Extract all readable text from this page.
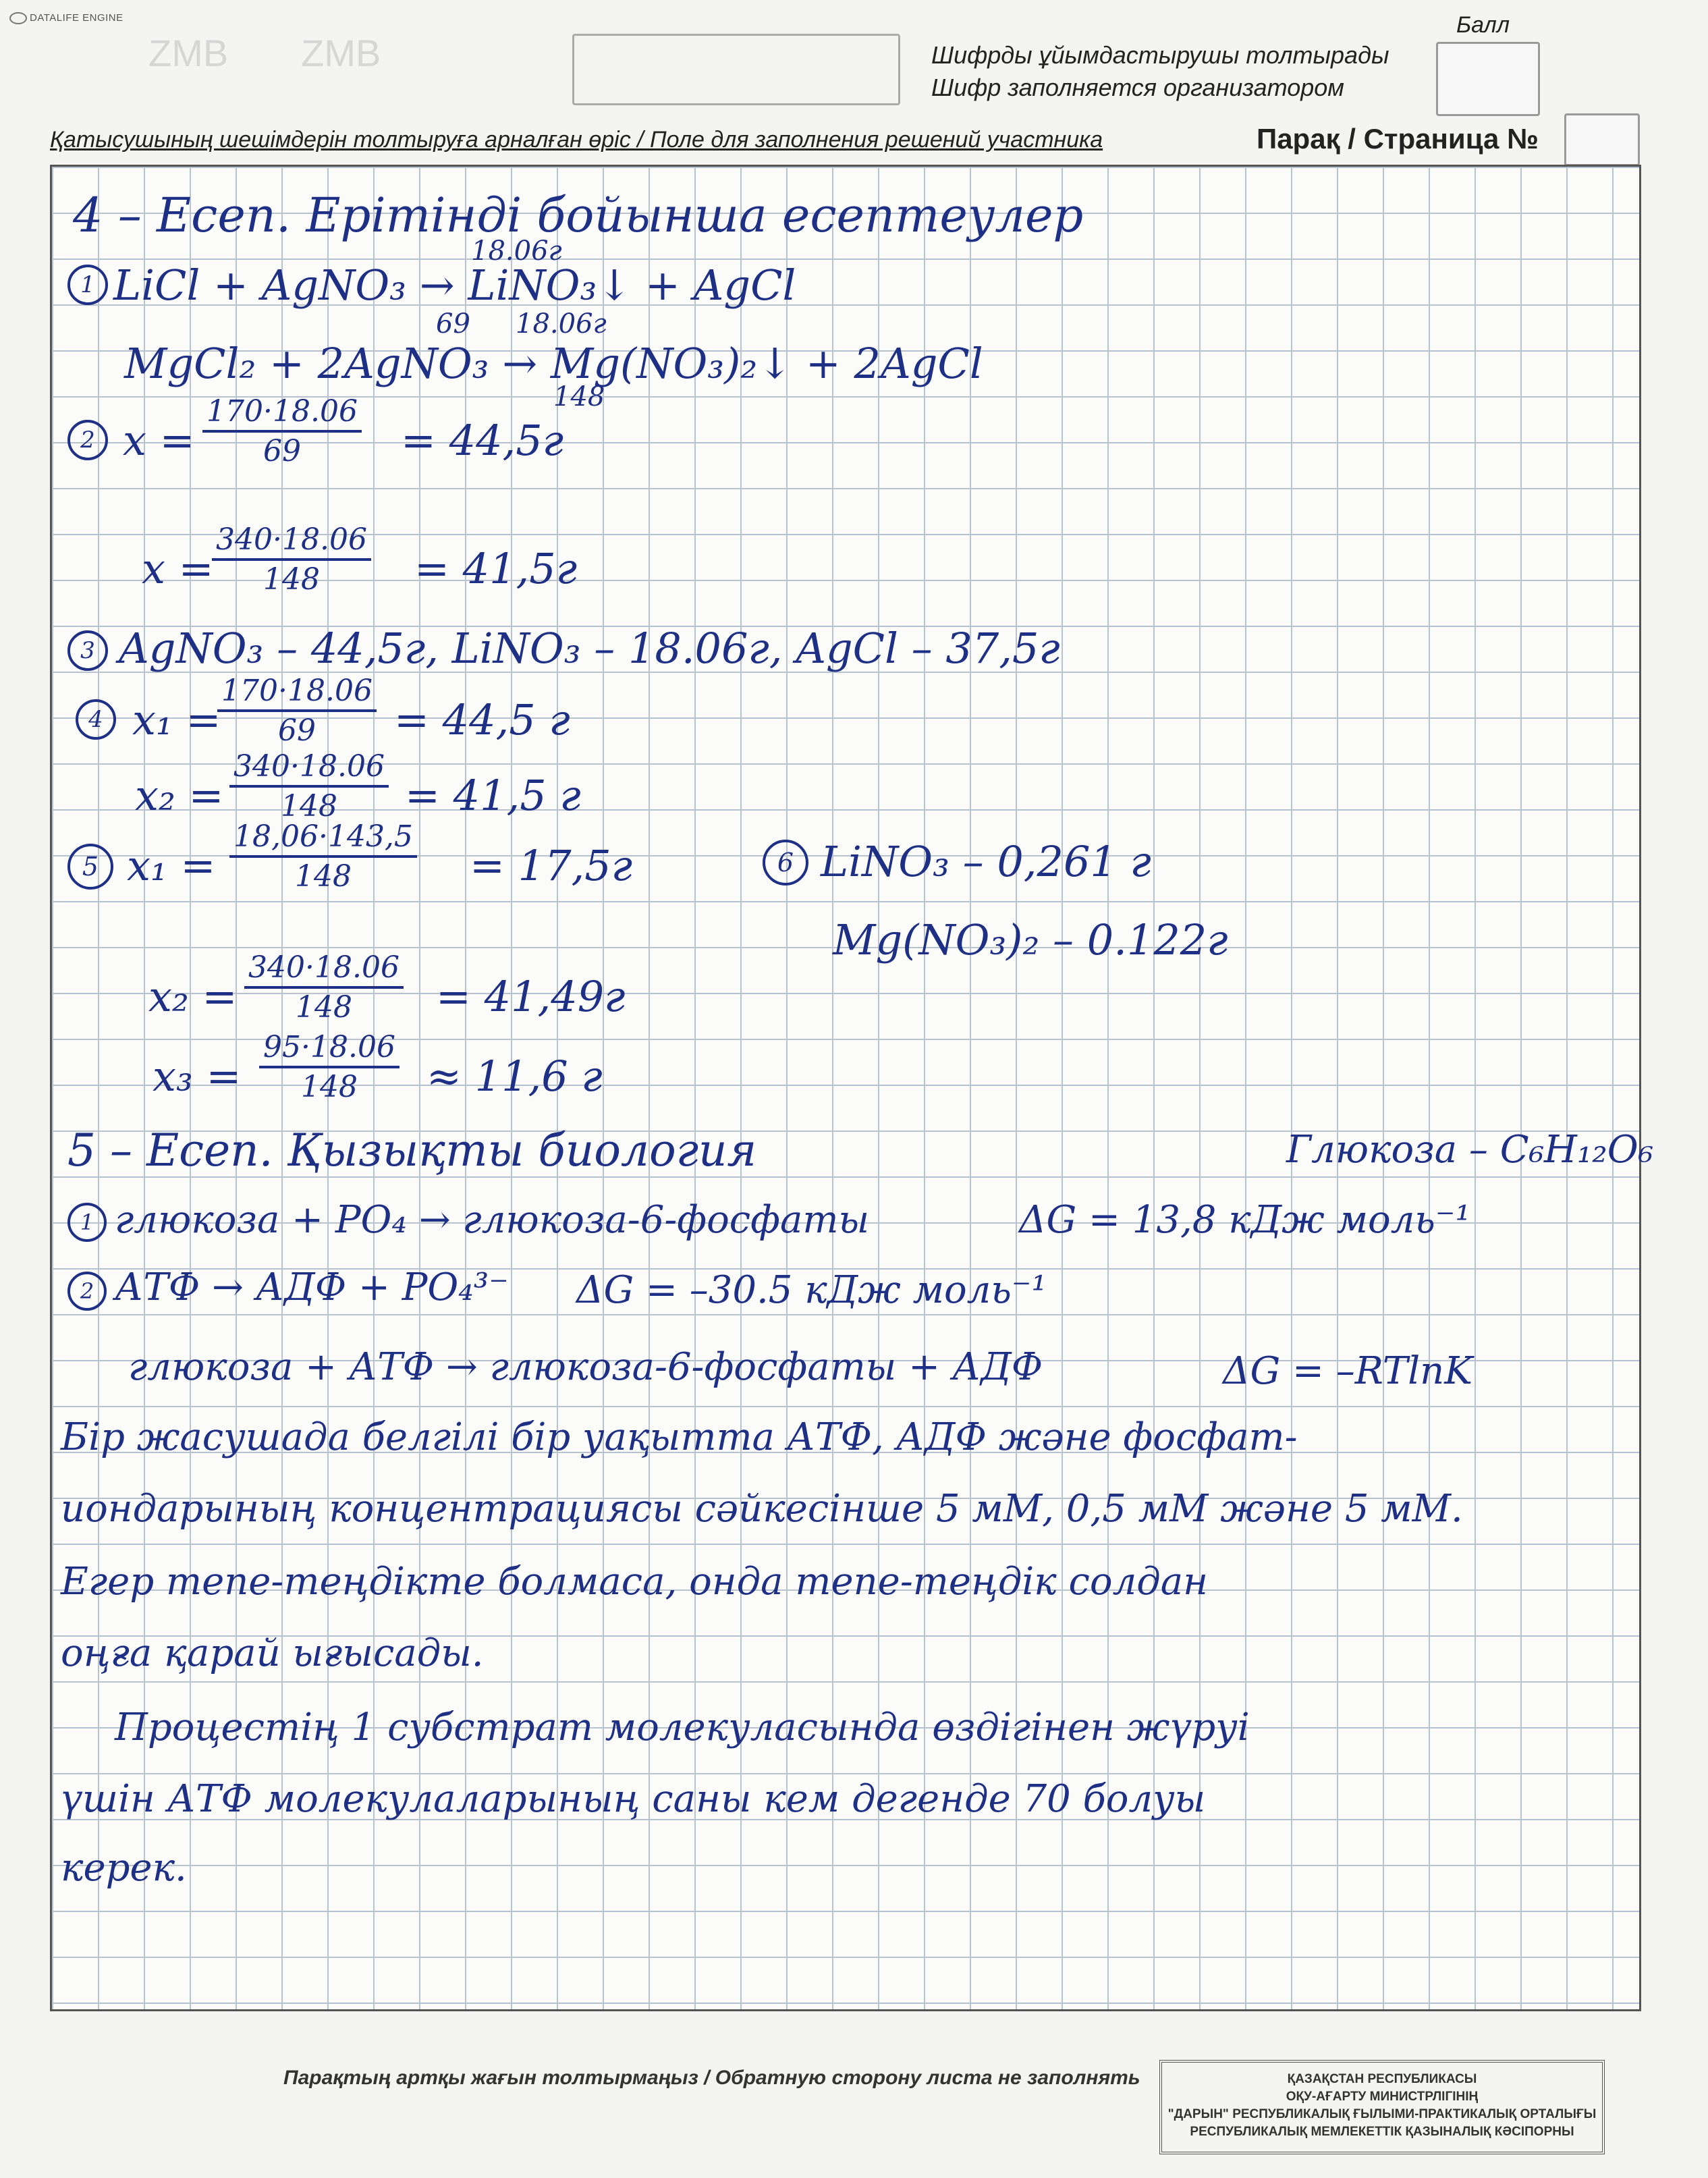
DATALIFE ENGINE
ZMB ZMB	Шифрды ұйымдастырушы толтырады
Шифр заполняется организатором
Балл
Қатысушының шешімдерін толтыруға арналған өріс / Поле для заполнения решений участника	Парақ / Страница №
4 – Есеп. Ерітінді бойынша есептеулер
1
18.06г
LiCl + AgNO₃ → LiNO₃↓ + AgCl
69 18.06г
MgCl₂ + 2AgNO₃ → Mg(NO₃)₂↓ + 2AgCl
148
2 $x = \frac{170\cdot 18.06}{69} = 44,5г$
x =
$\frac{340\cdot 18.06}{148} = 41,5г$
3 AgNO₃ – 44,5г, LiNO₃ – 18.06г, AgCl – 37,5г
4 x₁ =
$\frac{170\cdot 18.06}{69} = 44,5$ г
$x_2 = \frac{340\cdot 18.06}{148} = 41,5$ г
5 $x_1 = \frac{18,06\cdot 143,5}{148} = 17,5г$	6 LiNO₃ – 0,261 г
Mg(NO₃)₂ – 0.122г
$x_2 = \frac{340\cdot 18.06}{148} = 41,49г$
$x_3 = \frac{95\cdot 18.06}{148} \approx 11,6$ г
5 – Есеп. Қызықты биология	Глюкоза – C₆H₁₂O₆
1 глюкоза + PO₄ → глюкоза-6-фосфаты	ΔG = 13,8 кДж моль⁻¹
2 АТФ → АДФ + PO₄³⁻ ΔG = –30.5 кДж моль⁻¹
глюкоза + АТФ → глюкоза-6-фосфаты + АДФ	ΔG = –RTlnK
Бір жасушада белгілі бір уақытта АТФ, АДФ және фосфат-
иондарының концентрациясы сәйкесінше 5 мМ, 0,5 мМ және 5 мМ.
Егер тепе-теңдікте болмаса, онда тепе-теңдік солдан
оңға қарай ығысады.
Процестің 1 субстрат молекуласында өздігінен жүруі
үшін АТФ молекулаларының саны кем дегенде 70 болуы
керек.
Парақтың артқы жағын толтырмаңыз / Обратную сторону листа не заполнять	ҚАЗАҚСТАН РЕСПУБЛИКАСЫ
ОҚУ-АҒАРТУ МИНИСТРЛІГІНІҢ
"ДАРЫН" РЕСПУБЛИКАЛЫҚ ҒЫЛЫМИ-ПРАКТИКАЛЫҚ ОРТАЛЫҒЫ
РЕСПУБЛИКАЛЫҚ МЕМЛЕКЕТТІК ҚАЗЫНАЛЫҚ КӘСІПОРНЫ
